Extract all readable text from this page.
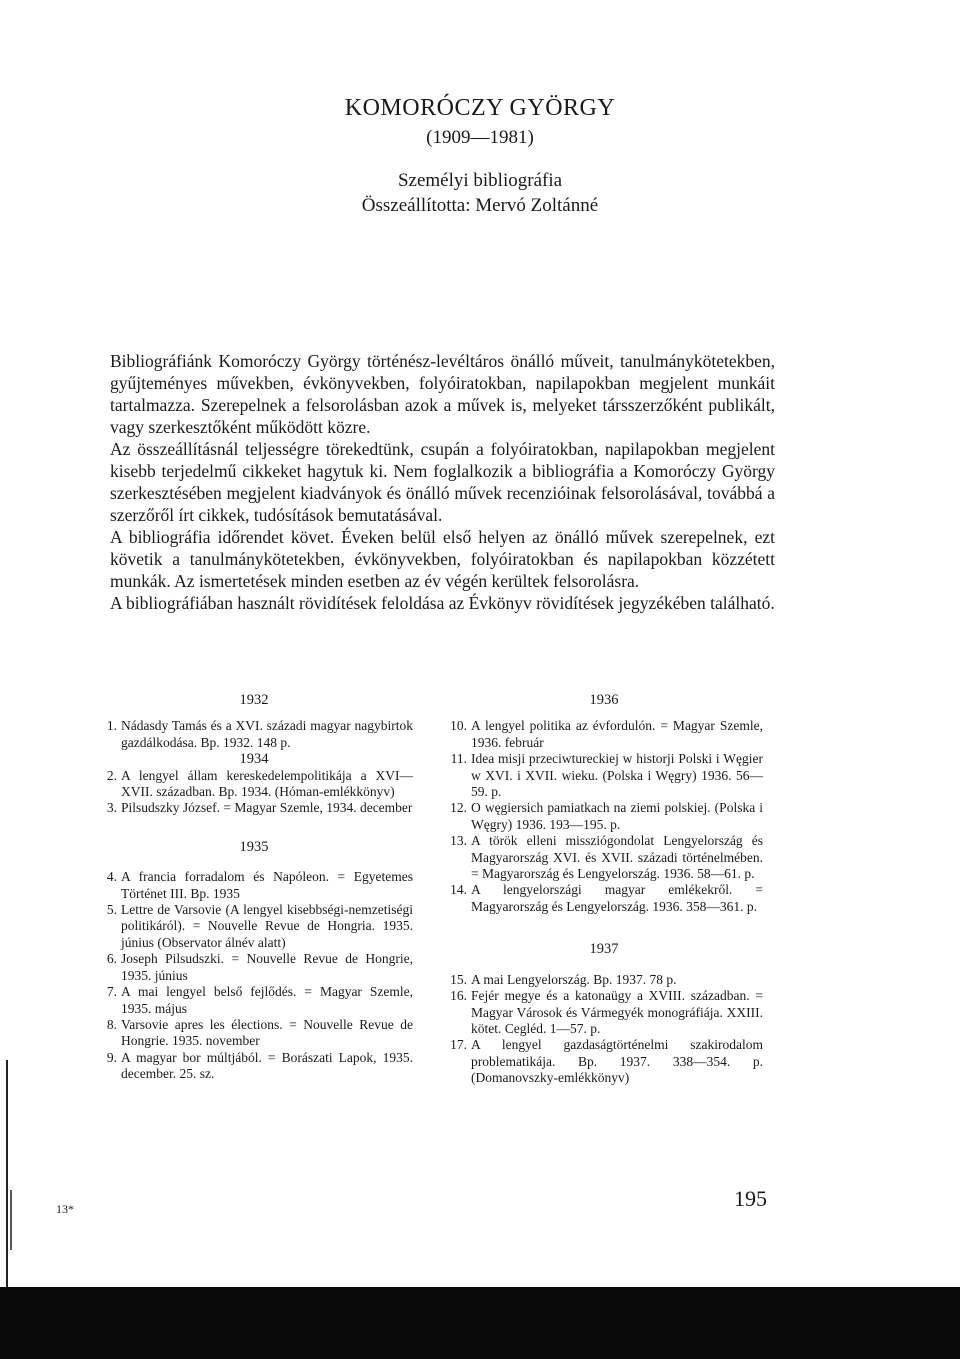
KOMORÓCZY GYÖRGY
(1909—1981)
Személyi bibliográfia
Összeállította: Mervó Zoltánné

Bibliográfiánk Komoróczy György történész-levéltáros önálló műveit, tanulmánykötetekben, gyűjteményes művekben, évkönyvekben, folyóiratokban, napilapokban megjelent munkáit tartalmazza. Szerepelnek a felsorolásban azok a művek is, melyeket társszerzőként publikált, vagy szerkesztőként működött közre.

Az összeállításnál teljességre törekedtünk, csupán a folyóiratokban, napilapokban megjelent kisebb terjedelmű cikkeket hagytuk ki. Nem foglalkozik a bibliográfia a Komoróczy György szerkesztésében megjelent kiadványok és önálló művek recenzióinak felsorolásával, továbbá a szerzőről írt cikkek, tudósítások bemutatásával.

A bibliográfia időrendet követ. Éveken belül első helyen az önálló művek szerepelnek, ezt követik a tanulmánykötetekben, évkönyvekben, folyóiratokban és napilapokban közzétett munkák. Az ismertetések minden esetben az év végén kerültek felsorolásra.

A bibliográfiában használt rövidítések feloldása az Évkönyv rövidítések jegyzékében található.

1932
1. Nádasdy Tamás és a XVI. századi magyar nagybirtok gazdálkodása. Bp. 1932. 148 p.
1934
2. A lengyel állam kereskedelempolitikája a XVI—XVII. században. Bp. 1934. (Hóman-emlékkönyv)
3. Pilsudszky József. = Magyar Szemle, 1934. december
1935
4. A francia forradalom és Napóleon. = Egyetemes Történet III. Bp. 1935
5. Lettre de Varsovie (A lengyel kisebbségi-nemzetiségi politikáról). = Nouvelle Revue de Hongria. 1935. június (Observator álnév alatt)
6. Joseph Pilsudszki. = Nouvelle Revue de Hongrie, 1935. június
7. A mai lengyel belső fejlődés. = Magyar Szemle, 1935. május
8. Varsovie apres les élections. = Nouvelle Revue de Hongrie. 1935. november
9. A magyar bor múltjából. = Borászati Lapok, 1935. december. 25. sz.
1936
10. A lengyel politika az évfordulón. = Magyar Szemle, 1936. február
11. Idea misji przeciwtureckiej w historji Polski i Węgier w XVI. i XVII. wieku. (Polska i Węgry) 1936. 56—59. p.
12. O węgiersich pamiatkach na ziemi polskiej. (Polska i Węgry) 1936. 193—195. p.
13. A török elleni missziógondolat Lengyelország és Magyarország XVI. és XVII. századi történelmében. = Magyarország és Lengyelország. 1936. 58—61. p.
14. A lengyelországi magyar emlékekről. = Magyarország és Lengyelország. 1936. 358—361. p.
1937
15. A mai Lengyelország. Bp. 1937. 78 p.
16. Fejér megye és a katonaügy a XVIII. században. = Magyar Városok és Vármegyék monográfiája. XXIII. kötet. Cegléd. 1—57. p.
17. A lengyel gazdaságtörténelmi szakirodalom problematikája. Bp. 1937. 338—354. p. (Domanovszky-emlékkönyv)
13*	195
